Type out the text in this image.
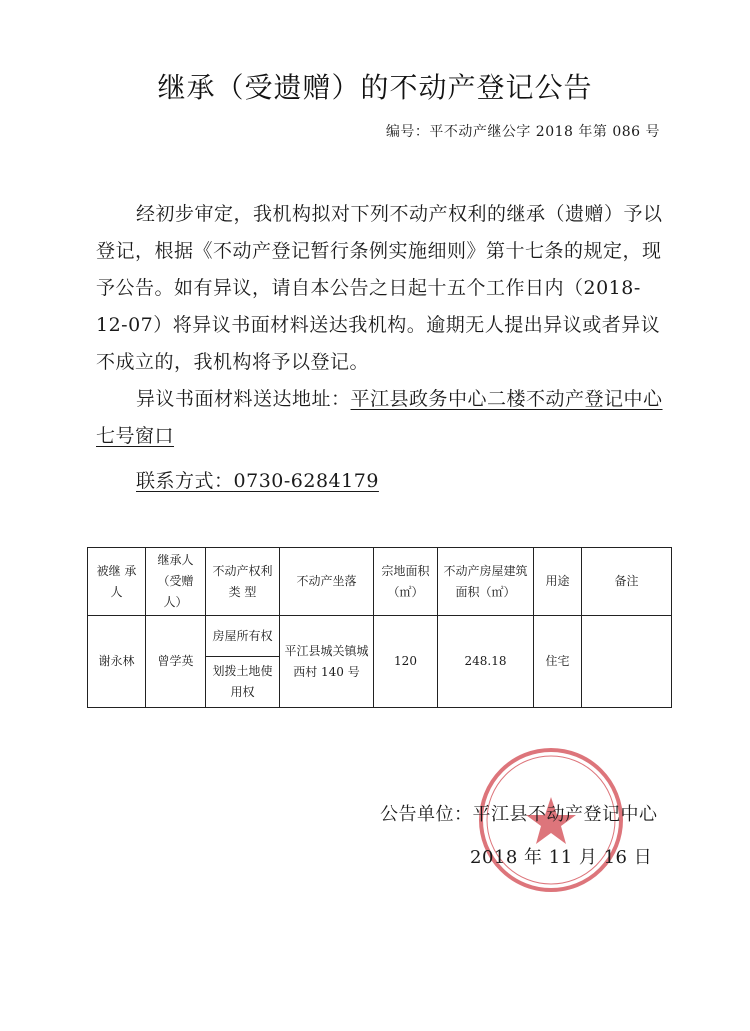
继承（受遗赠）的不动产登记公告
编号：平不动产继公字 2018 年第 086 号

经初步审定，我机构拟对下列不动产权利的继承（遗赠）予以登记，根据《不动产登记暂行条例实施细则》第十七条的规定，现予公告。如有异议，请自本公告之日起十五个工作日内（2018-12-07）将异议书面材料送达我机构。逾期无人提出异议或者异议不成立的，我机构将予以登记。

异议书面材料送达地址：平江县政务中心二楼不动产登记中心七号窗口

联系方式：0730-6284179

被继 承人	继承人（受赠人）	不动产权利类 型	不动产坐落	宗地面积（㎡）	不动产房屋建筑面积（㎡）	用途	备注
谢永林	曾学英	房屋所有权	平江县城关镇城西村 140 号	120	248.18	住宅	
		划拨土地使用权					
公告单位：平江县不动产登记中心
2018 年 11 月 16 日
